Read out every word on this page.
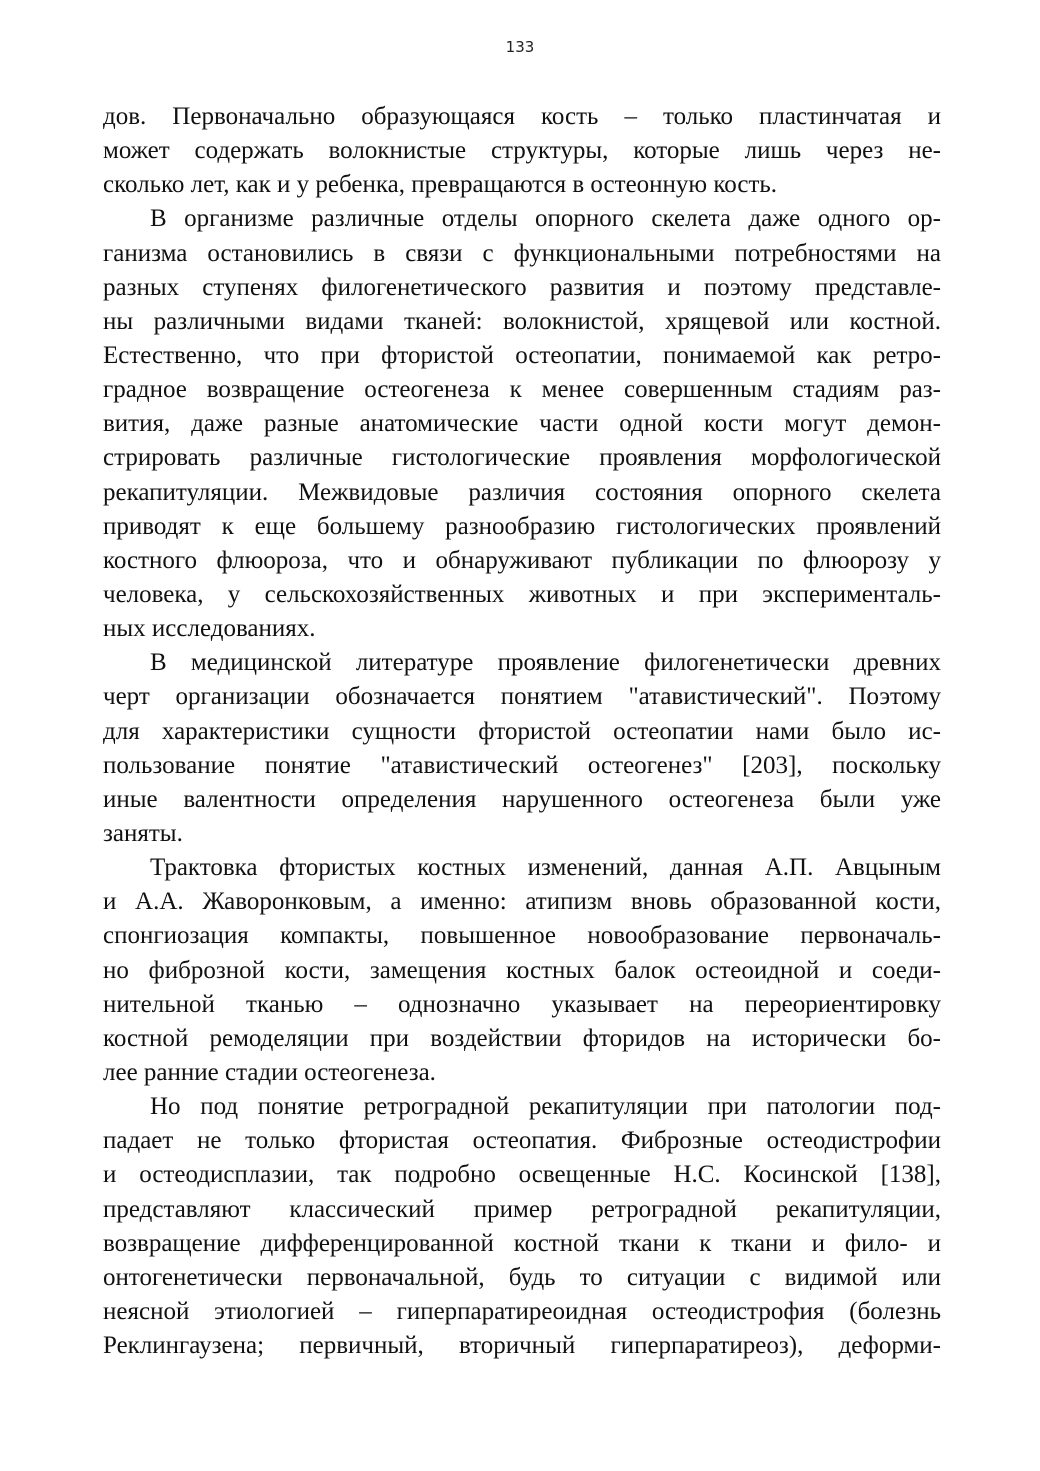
133
дов. Первоначально образующаяся кость – только пластинчатая и
может содержать волокнистые структуры, которые лишь через не-
сколько лет, как и у ребенка, превращаются в остеонную кость.
В организме различные отделы опорного скелета даже одного ор-
ганизма остановились в связи с функциональными потребностями на
разных ступенях филогенетического развития и поэтому представле-
ны различными видами тканей: волокнистой, хрящевой или костной.
Естественно, что при фтористой остеопатии, понимаемой как ретро-
градное возвращение остеогенеза к менее совершенным стадиям раз-
вития, даже разные анатомические части одной кости могут демон-
стрировать различные гистологические проявления морфологической
рекапитуляции. Межвидовые различия состояния опорного скелета
приводят к еще большему разнообразию гистологических проявлений
костного флюороза, что и обнаруживают публикации по флюорозу у
человека, у сельскохозяйственных животных и при эксперименталь-
ных исследованиях.
В медицинской литературе проявление филогенетически древних
черт организации обозначается понятием "атавистический". Поэтому
для характеристики сущности фтористой остеопатии нами было ис-
пользование понятие "атавистический остеогенез" [203], поскольку
иные валентности определения нарушенного остеогенеза были уже
заняты.
Трактовка фтористых костных изменений, данная А.П. Авцыным
и А.А. Жаворонковым, а именно: атипизм вновь образованной кости,
спонгиозация компакты, повышенное новообразование первоначаль-
но фиброзной кости, замещения костных балок остеоидной и соеди-
нительной тканью – однозначно указывает на переориентировку
костной ремоделяции при воздействии фторидов на исторически бо-
лее ранние стадии остеогенеза.
Но под понятие ретроградной рекапитуляции при патологии под-
падает не только фтористая остеопатия. Фиброзные остеодистрофии
и остеодисплазии, так подробно освещенные Н.С. Косинской [138],
представляют классический пример ретроградной рекапитуляции,
возвращение дифференцированной костной ткани к ткани и фило- и
онтогенетически первоначальной, будь то ситуации с видимой или
неясной этиологией – гиперпаратиреоидная остеодистрофия (болезнь
Реклингаузена; первичный, вторичный гиперпаратиреоз), деформи-
